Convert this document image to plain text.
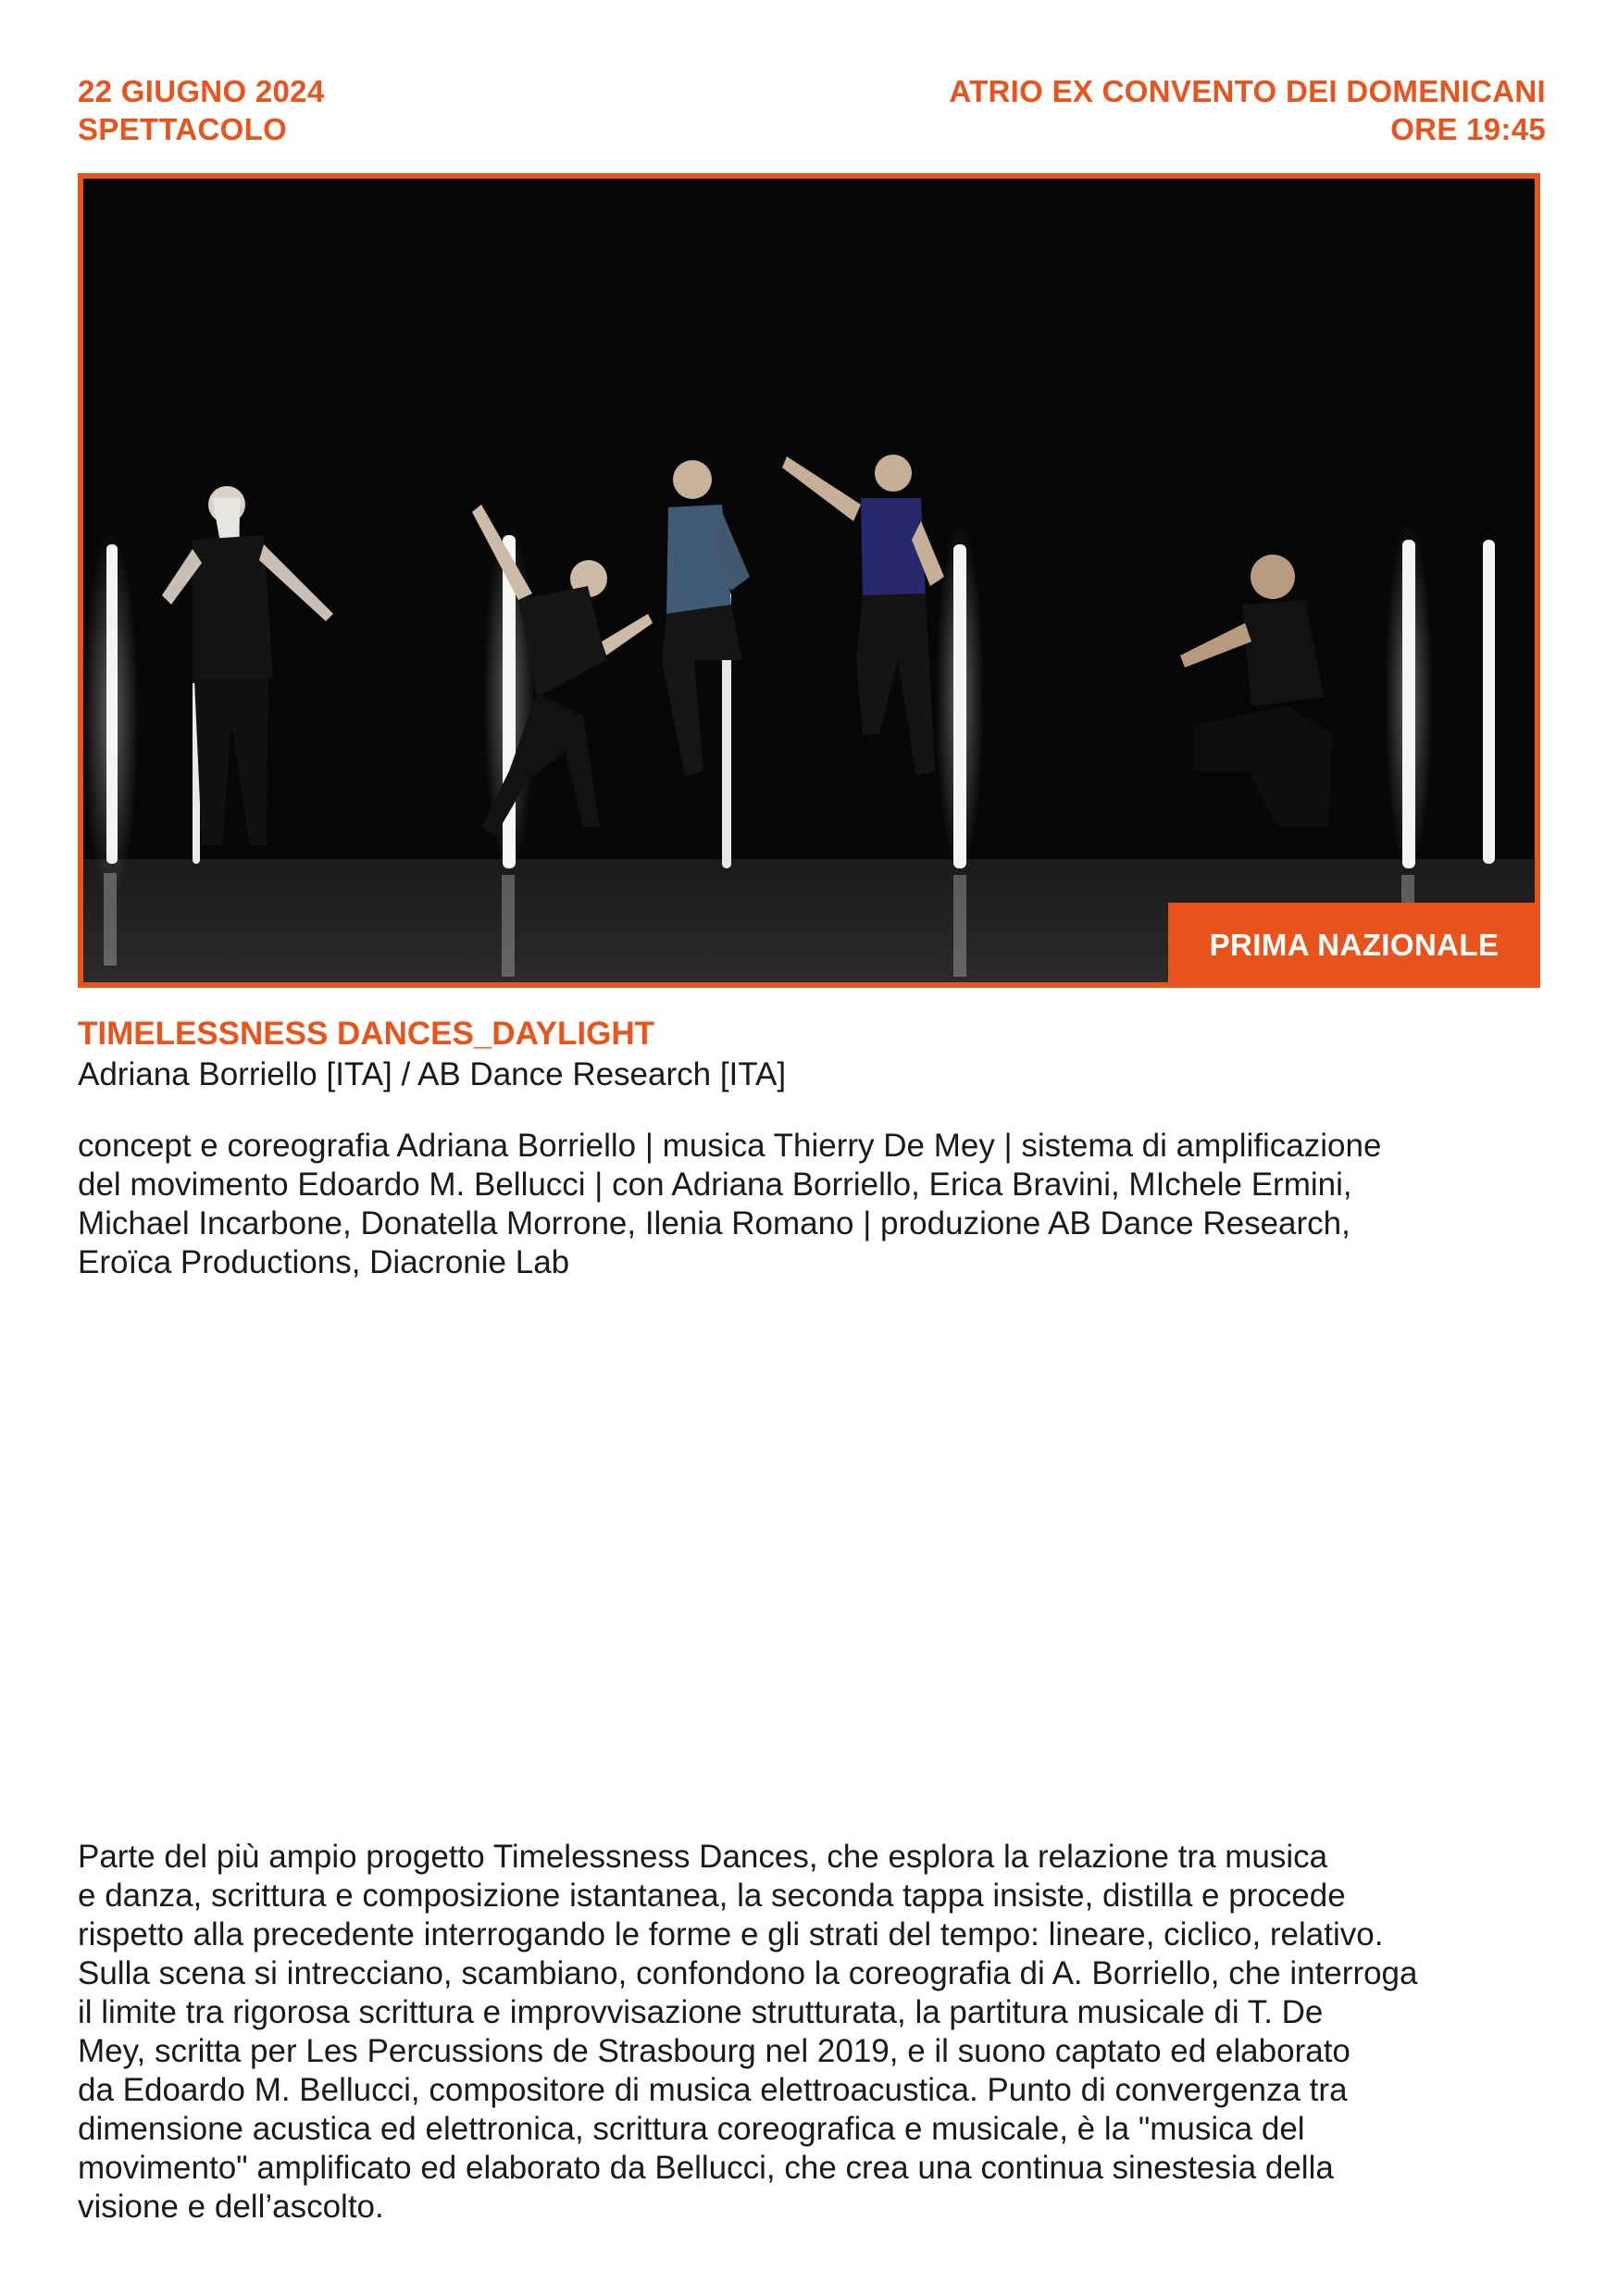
22 GIUGNO 2024
SPETTACOLO
ATRIO EX CONVENTO DEI DOMENICANI
ORE 19:45
PRIMA NAZIONALE
TIMELESSNESS DANCES_DAYLIGHT
Adriana Borriello [ITA] / AB Dance Research [ITA]
concept e coreografia Adriana Borriello | musica Thierry De Mey | sistema di amplificazione
del movimento Edoardo M. Bellucci | con Adriana Borriello, Erica Bravini, MIchele Ermini,
Michael Incarbone, Donatella Morrone, Ilenia Romano | produzione AB Dance Research,
Eroïca Productions, Diacronie Lab
Parte del più ampio progetto Timelessness Dances, che esplora la relazione tra musica
e danza, scrittura e composizione istantanea, la seconda tappa insiste, distilla e procede
rispetto alla precedente interrogando le forme e gli strati del tempo: lineare, ciclico, relativo.
Sulla scena si intrecciano, scambiano, confondono la coreografia di A. Borriello, che interroga
il limite tra rigorosa scrittura e improvvisazione strutturata, la partitura musicale di T. De
Mey, scritta per Les Percussions de Strasbourg nel 2019, e il suono captato ed elaborato
da Edoardo M. Bellucci, compositore di musica elettroacustica. Punto di convergenza tra
dimensione acustica ed elettronica, scrittura coreografica e musicale, è la "musica del
movimento" amplificato ed elaborato da Bellucci, che crea una continua sinestesia della
visione e dell’ascolto.
